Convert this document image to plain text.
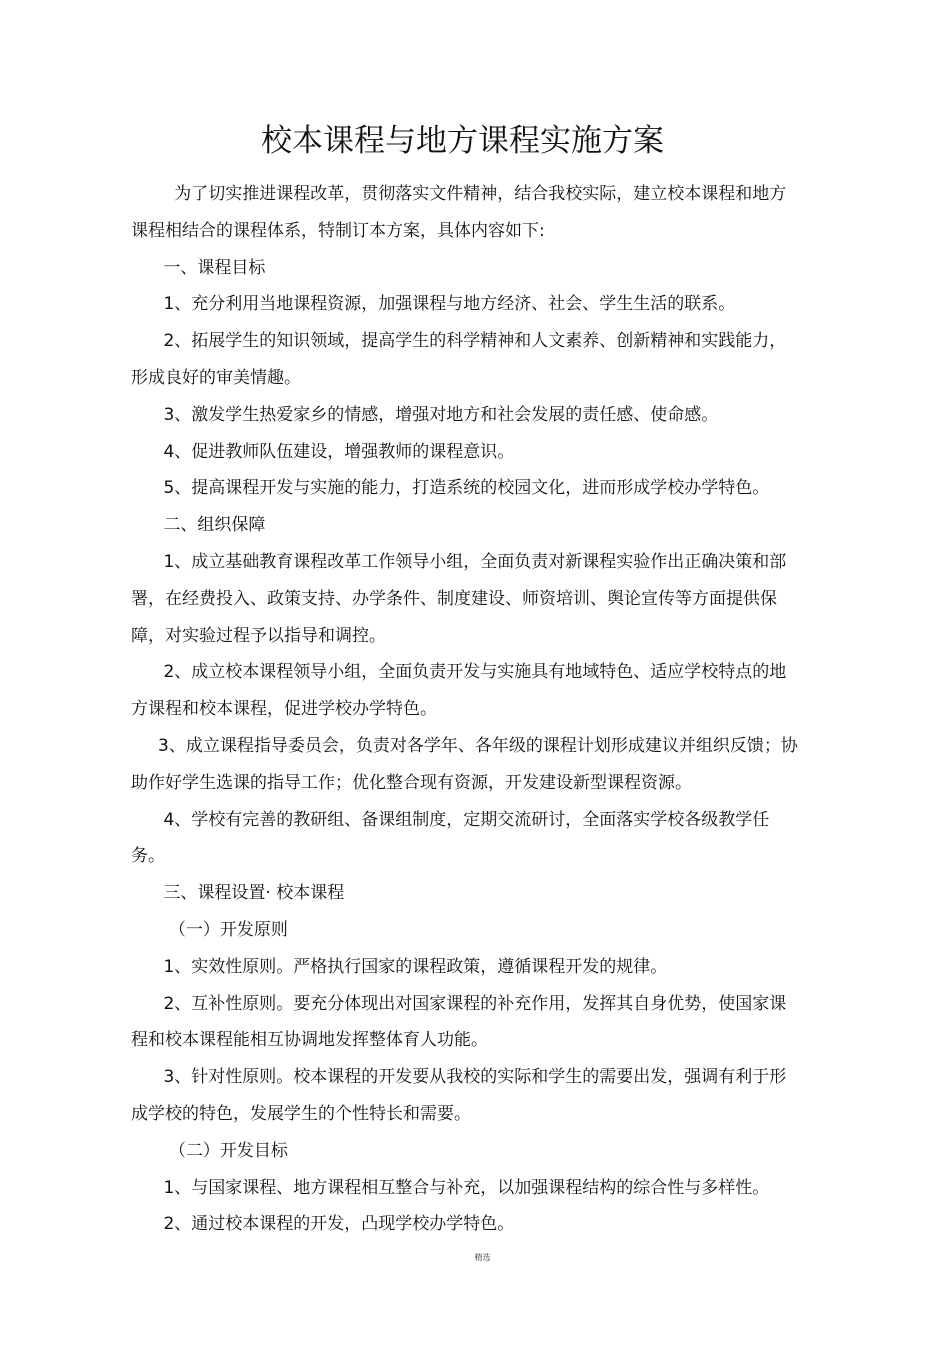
校本课程与地方课程实施方案

为了切实推进课程改革，贯彻落实文件精神，结合我校实际，建立校本课程和地方课程相结合的课程体系，特制订本方案，具体内容如下:

一、课程目标

1、充分利用当地课程资源，加强课程与地方经济、社会、学生生活的联系。

2、拓展学生的知识领域，提高学生的科学精神和人文素养、创新精神和实践能力，形成良好的审美情趣。

3、激发学生热爱家乡的情感，增强对地方和社会发展的责任感、使命感。

4、促进教师队伍建设，增强教师的课程意识。

5、提高课程开发与实施的能力，打造系统的校园文化，进而形成学校办学特色。

二、组织保障

1、成立基础教育课程改革工作领导小组，全面负责对新课程实验作出正确决策和部署，在经费投入、政策支持、办学条件、制度建设、师资培训、舆论宣传等方面提供保障，对实验过程予以指导和调控。

2、成立校本课程领导小组，全面负责开发与实施具有地域特色、适应学校特点的地方课程和校本课程，促进学校办学特色。

3、成立课程指导委员会，负责对各学年、各年级的课程计划形成建议并组织反馈；协助作好学生选课的指导工作；优化整合现有资源，开发建设新型课程资源。

4、学校有完善的教研组、备课组制度，定期交流研讨，全面落实学校各级教学任务。

三、课程设置· 校本课程

（一）开发原则

1、实效性原则。严格执行国家的课程政策，遵循课程开发的规律。

2、互补性原则。要充分体现出对国家课程的补充作用，发挥其自身优势，使国家课程和校本课程能相互协调地发挥整体育人功能。

3、针对性原则。校本课程的开发要从我校的实际和学生的需要出发，强调有利于形成学校的特色，发展学生的个性特长和需要。

（二）开发目标

1、与国家课程、地方课程相互整合与补充，以加强课程结构的综合性与多样性。

2、通过校本课程的开发，凸现学校办学特色。

精选
